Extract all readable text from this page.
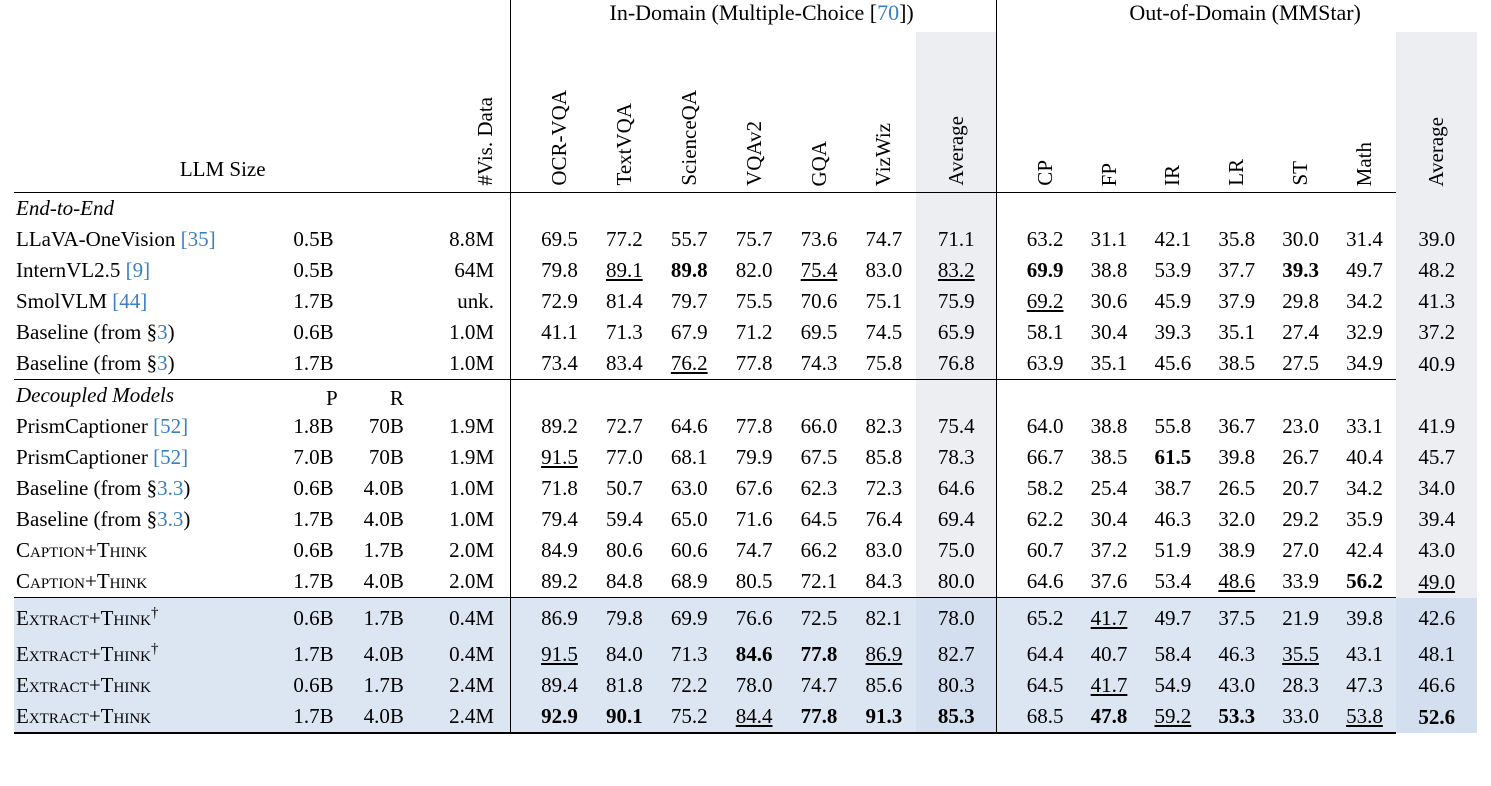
					In-Domain (Multiple-Choice [70])								Out-of-Domain (MMStar)						

LLM Size			#Vis. Data		OCR-VQA	TextVQA	ScienceQA	VQAv2	GQA	VizWiz	Average		CP	FP	IR	LR	ST	Math	Average

End-to-End																			
LLaVA-OneVision [35]	0.5B		8.8M		69.5	77.2	55.7	75.7	73.6	74.7	71.1		63.2	31.1	42.1	35.8	30.0	31.4	39.0
InternVL2.5 [9]	0.5B		64M		79.8	89.1	89.8	82.0	75.4	83.0	83.2		69.9	38.8	53.9	37.7	39.3	49.7	48.2
SmolVLM [44]	1.7B		unk.		72.9	81.4	79.7	75.5	70.6	75.1	75.9		69.2	30.6	45.9	37.9	29.8	34.2	41.3
Baseline (from §3)	0.6B		1.0M		41.1	71.3	67.9	71.2	69.5	74.5	65.9		58.1	30.4	39.3	35.1	27.4	32.9	37.2
Baseline (from §3)	1.7B		1.0M		73.4	83.4	76.2	77.8	74.3	75.8	76.8		63.9	35.1	45.6	38.5	27.5	34.9	40.9

Decoupled Models	P	R																	
PrismCaptioner [52]	1.8B	70B	1.9M		89.2	72.7	64.6	77.8	66.0	82.3	75.4		64.0	38.8	55.8	36.7	23.0	33.1	41.9
PrismCaptioner [52]	7.0B	70B	1.9M		91.5	77.0	68.1	79.9	67.5	85.8	78.3		66.7	38.5	61.5	39.8	26.7	40.4	45.7
Baseline (from §3.3)	0.6B	4.0B	1.0M		71.8	50.7	63.0	67.6	62.3	72.3	64.6		58.2	25.4	38.7	26.5	20.7	34.2	34.0
Baseline (from §3.3)	1.7B	4.0B	1.0M		79.4	59.4	65.0	71.6	64.5	76.4	69.4		62.2	30.4	46.3	32.0	29.2	35.9	39.4
Caption+Think	0.6B	1.7B	2.0M		84.9	80.6	60.6	74.7	66.2	83.0	75.0		60.7	37.2	51.9	38.9	27.0	42.4	43.0
Caption+Think	1.7B	4.0B	2.0M		89.2	84.8	68.9	80.5	72.1	84.3	80.0		64.6	37.6	53.4	48.6	33.9	56.2	49.0

Extract+Think†	0.6B	1.7B	0.4M		86.9	79.8	69.9	76.6	72.5	82.1	78.0		65.2	41.7	49.7	37.5	21.9	39.8	42.6
Extract+Think†	1.7B	4.0B	0.4M		91.5	84.0	71.3	84.6	77.8	86.9	82.7		64.4	40.7	58.4	46.3	35.5	43.1	48.1
Extract+Think	0.6B	1.7B	2.4M		89.4	81.8	72.2	78.0	74.7	85.6	80.3		64.5	41.7	54.9	43.0	28.3	47.3	46.6
Extract+Think	1.7B	4.0B	2.4M		92.9	90.1	75.2	84.4	77.8	91.3	85.3		68.5	47.8	59.2	53.3	33.0	53.8	52.6
